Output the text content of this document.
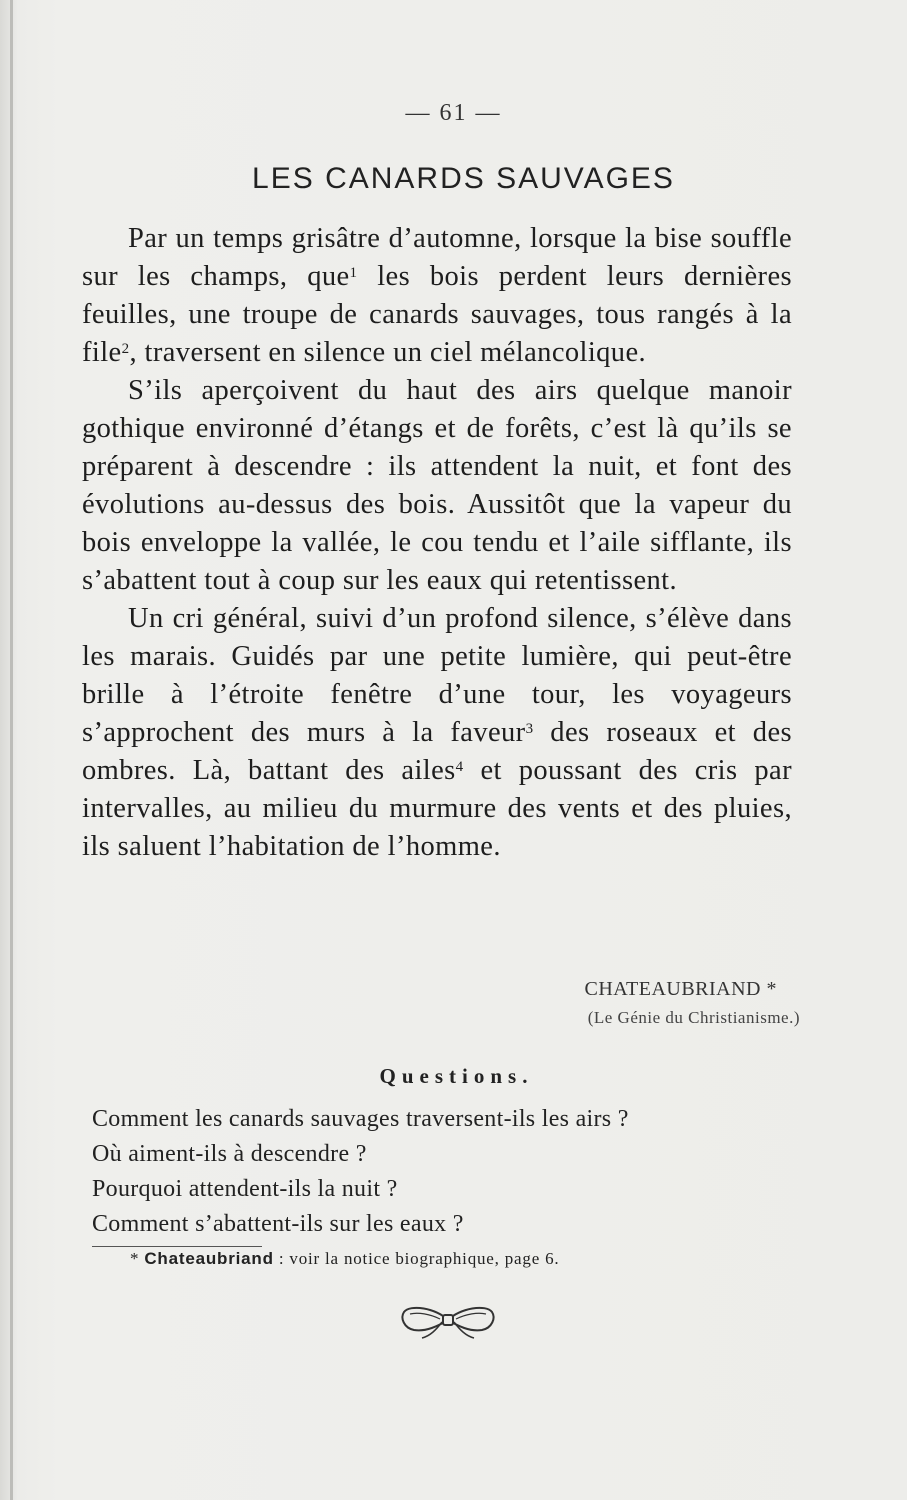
— 61 —
LES CANARDS SAUVAGES

Par un temps grisâtre d’automne, lorsque la bise souffle sur les champs, que$^1$ les bois perdent leurs dernières feuilles, une troupe de canards sauvages, tous rangés à la file$^2$, traversent en silence un ciel mélancolique.

S’ils aperçoivent du haut des airs quelque manoir gothique environné d’étangs et de forêts, c’est là qu’ils se préparent à descendre : ils attendent la nuit, et font des évolutions au-dessus des bois. Aussitôt que la vapeur du bois enveloppe la vallée, le cou tendu et l’aile sifflante, ils s’abattent tout à coup sur les eaux qui retentissent.

Un cri général, suivi d’un profond silence, s’élève dans les marais. Guidés par une petite lumière, qui peut-être brille à l’étroite fenêtre d’une tour, les voyageurs s’approchent des murs à la faveur$^3$ des roseaux et des ombres. Là, battant des ailes$^4$ et poussant des cris par intervalles, au milieu du murmure des vents et des pluies, ils saluent l’habitation de l’homme.

CHATEAUBRIAND *
(Le Génie du Christianisme.)
Questions.
Comment les canards sauvages traversent-ils les airs ?
Où aiment-ils à descendre ?
Pourquoi attendent-ils la nuit ?
Comment s’abattent-ils sur les eaux ?
* Chateaubriand : voir la notice biographique, page 6.
